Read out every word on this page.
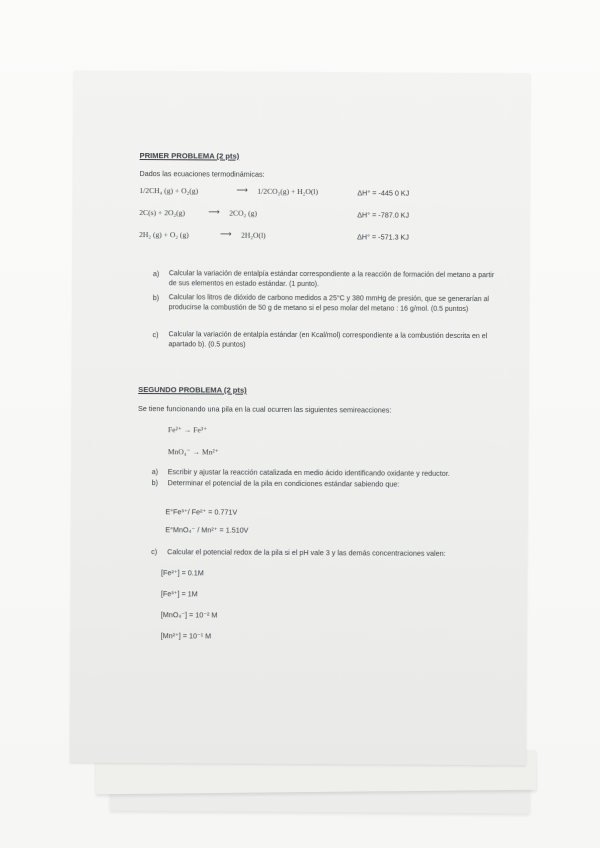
PRIMER PROBLEMA (2 pts)
Dados las ecuaciones termodinámicas:
1/2CH₄ (g) + O₂(g)	⟶ 1/2CO₂(g) + H₂O(l)	ΔH° = -445 0 KJ
2C(s) + 2O₂(g)	⟶ 2CO₂ (g)	ΔH° = -787.0 KJ
2H₂ (g) + O₂ (g)	⟶ 2H₂O(l)	ΔH° = -571.3 KJ
a) Calcular la variación de entalpía estándar correspondiente a la reacción de formación del metano a partir de sus elementos en estado estándar. (1 punto).
b) Calcular los litros de dióxido de carbono medidos a 25°C y 380 mmHg de presión, que se generarían al producirse la combustión de 50 g de metano si el peso molar del metano : 16 g/mol. (0.5 puntos)
c) Calcular la variación de entalpía estándar (en Kcal/mol) correspondiente a la combustión descrita en el apartado b). (0.5 puntos)
SEGUNDO PROBLEMA (2 pts)
Se tiene funcionando una pila en la cual ocurren las siguientes semireacciones:
Fe²⁺ → Fe³⁺
MnO₄⁻ → Mn²⁺
a) Escribir y ajustar la reacción catalizada en medio ácido identificando oxidante y reductor.
b) Determinar el potencial de la pila en condiciones estándar sabiendo que:
E°Fe³⁺/ Fe²⁺ = 0.771V
E°MnO₄⁻ / Mn²⁺ = 1.510V
c) Calcular el potencial redox de la pila si el pH vale 3 y las demás concentraciones valen:
[Fe²⁺] = 0.1M
[Fe³⁺] = 1M
[MnO₄⁻] = 10⁻² M
[Mn²⁺] = 10⁻¹ M
